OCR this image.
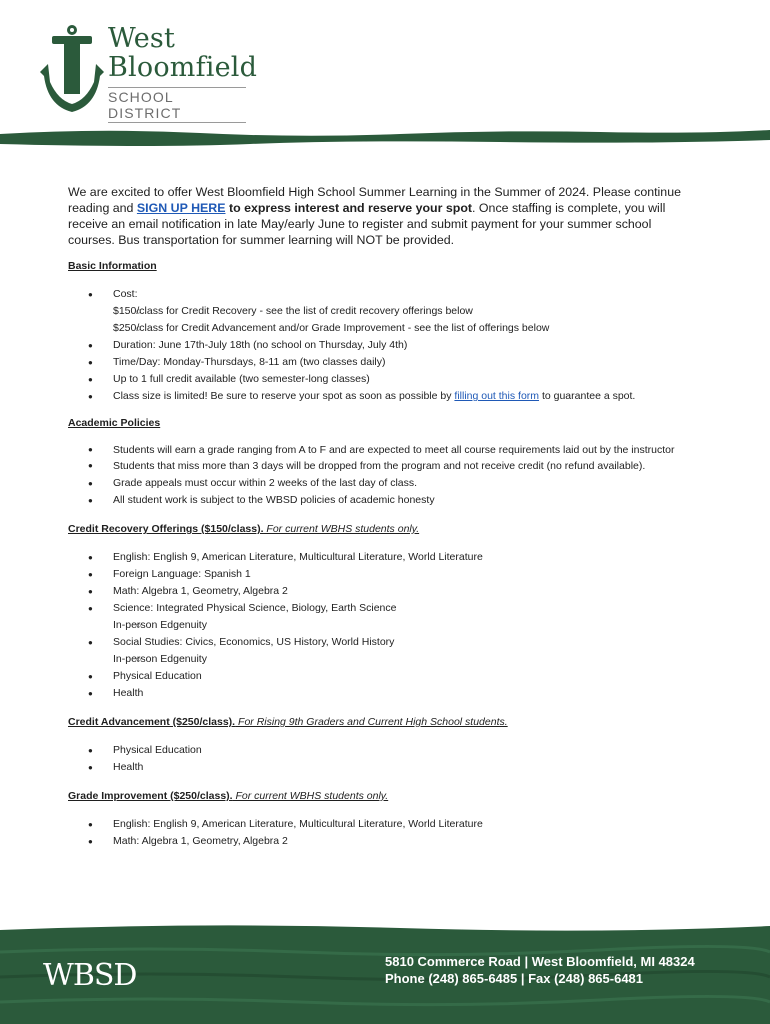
West
Bloomfield
SCHOOL DISTRICT

We are excited to offer West Bloomfield High School Summer Learning in the Summer of 2024. Please continue reading and SIGN UP HERE to express interest and reserve your spot. Once staffing is complete, you will receive an email notification in late May/early June to register and submit payment for your summer school courses. Bus transportation for summer learning will NOT be provided.

Basic Information

● Cost:
○ $150/class for Credit Recovery - see the list of credit recovery offerings below
○ $250/class for Credit Advancement and/or Grade Improvement - see the list of offerings below
● Duration: June 17th-July 18th (no school on Thursday, July 4th)
● Time/Day: Monday-Thursdays, 8-11 am (two classes daily)
● Up to 1 full credit available (two semester-long classes)
● Class size is limited! Be sure to reserve your spot as soon as possible by filling out this form to guarantee a spot.

Academic Policies

● Students will earn a grade ranging from A to F and are expected to meet all course requirements laid out by the instructor
● Students that miss more than 3 days will be dropped from the program and not receive credit (no refund available).
● Grade appeals must occur within 2 weeks of the last day of class.
● All student work is subject to the WBSD policies of academic honesty

Credit Recovery Offerings ($150/class). For current WBHS students only.

● English: English 9, American Literature, Multicultural Literature, World Literature
● Foreign Language: Spanish 1
● Math: Algebra 1, Geometry, Algebra 2
● Science: Integrated Physical Science, Biology, Earth Science
○ In-person Edgenuity
● Social Studies: Civics, Economics, US History, World History
○ In-person Edgenuity
● Physical Education
● Health

Credit Advancement ($250/class). For Rising 9th Graders and Current High School students.

● Physical Education
● Health

Grade Improvement ($250/class). For current WBHS students only.

● English: English 9, American Literature, Multicultural Literature, World Literature
● Math: Algebra 1, Geometry, Algebra 2
WBSD	5810 Commerce Road | West Bloomfield, MI 48324
Phone (248) 865-6485 | Fax (248) 865-6481
